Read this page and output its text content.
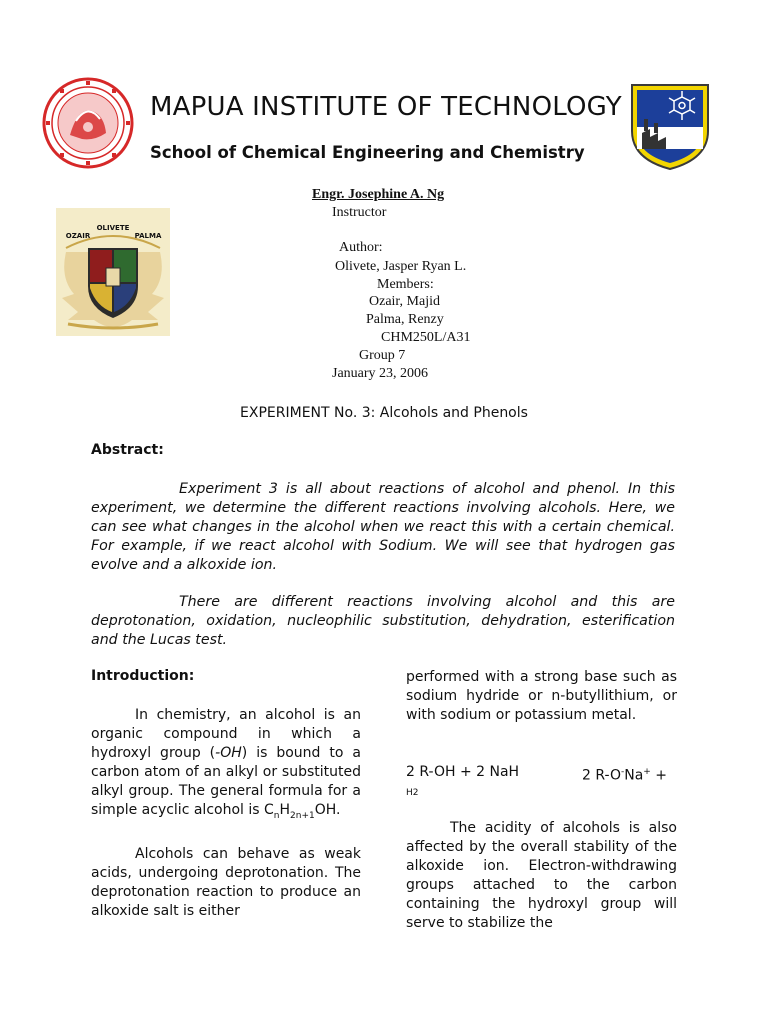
MAPUA INSTITUTE OF TECHNOLOGY
School of Chemical Engineering and Chemistry
Engr. Josephine A. Ng
Instructor
Author:
Olivete, Jasper Ryan L.
Members:
Ozair, Majid
Palma, Renzy
CHM250L/A31
Group 7
January 23, 2006
OLIVETE
OZAIR	PALMA
EXPERIMENT No. 3: Alcohols and Phenols
Abstract:
Experiment 3 is all about reactions of alcohol and phenol. In this experiment, we determine the different reactions involving alcohols. Here, we can see what changes in the alcohol when we react this with a certain chemical. For example, if we react alcohol with Sodium. We will see that hydrogen gas evolve and a alkoxide ion.
There are different reactions involving alcohol and this are deprotonation, oxidation, nucleophilic substitution, dehydration, esterification and the Lucas test.
Introduction:

In chemistry, an alcohol is an organic compound in which a hydroxyl group (-OH) is bound to a carbon atom of an alkyl or substituted alkyl group. The general formula for a simple acyclic alcohol is $C_nH_{2n+1}OH$.

Alcohols can behave as weak acids, undergoing deprotonation. The deprotonation reaction to produce an alkoxide salt is either

performed with a strong base such as sodium hydride or n-butyllithium, or with sodium or potassium metal.

2 R-OH + 2 NaH	2 R-O-Na+ +
H2

The acidity of alcohols is also affected by the overall stability of the alkoxide ion. Electron-withdrawing groups attached to the carbon containing the hydroxyl group will serve to stabilize the
